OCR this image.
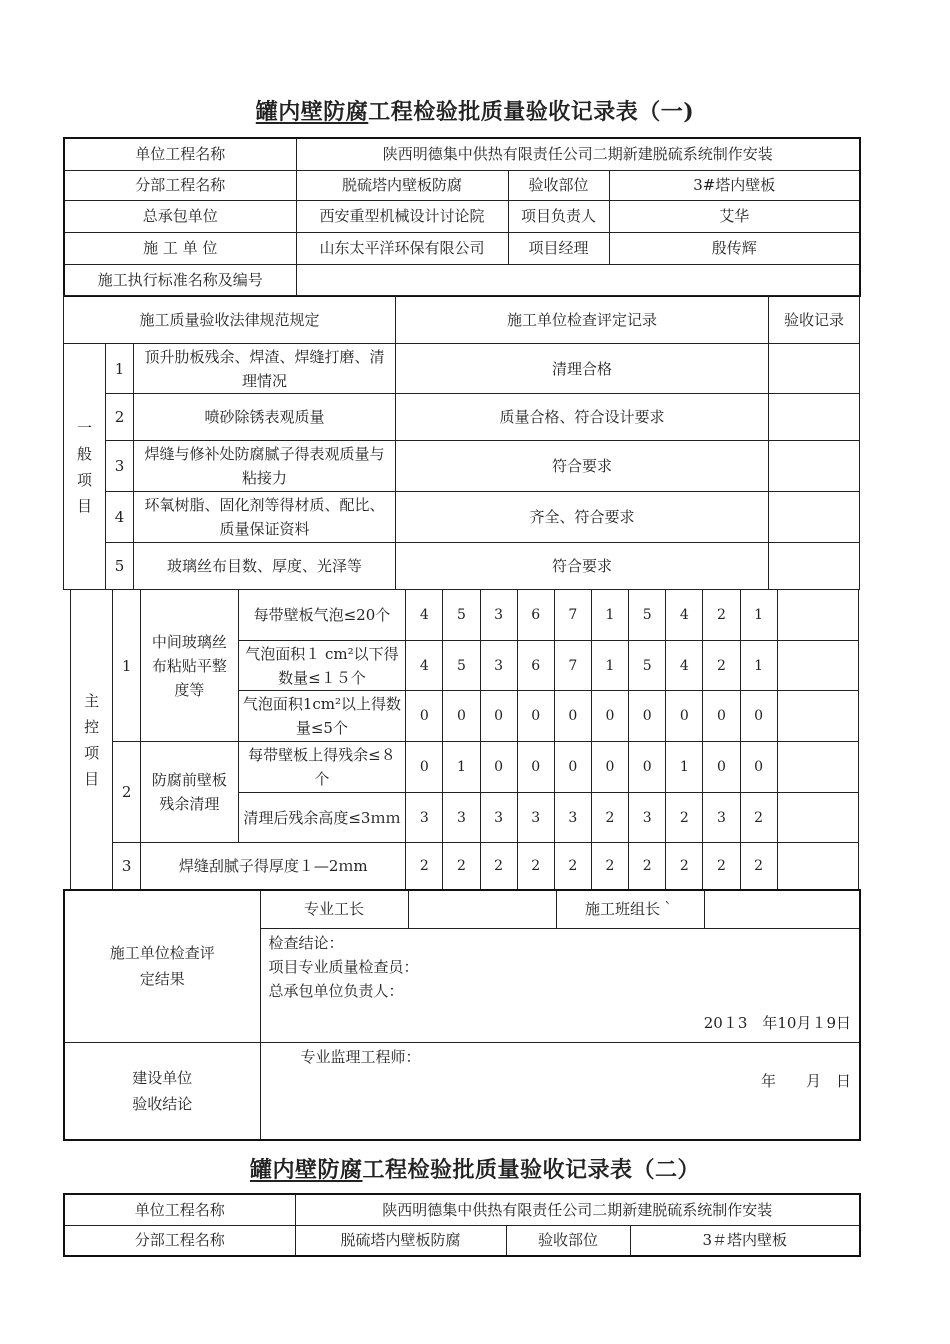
罐内壁防腐工程检验批质量验收记录表（一)
单位工程名称	陕西明德集中供热有限责任公司二期新建脱硫系统制作安装		
分部工程名称	脱硫塔内壁板防腐	验收部位	3#塔内壁板
总承包单位	西安重型机械设计讨论院	项目负责人	艾华
施 工 单 位	山东太平洋环保有限公司	项目经理	殷传辉
施工执行标准名称及编号			
施工质量验收法律规范规定			施工单位检查评定记录	验收记录
一般项目	1	顶升肋板残余、焊渣、焊缝打磨、清理情况	清理合格	
	2	喷砂除锈表观质量	质量合格、符合设计要求	
	3	焊缝与修补处防腐腻子得表观质量与粘接力	符合要求	
	4	环氧树脂、固化剂等得材质、配比、质量保证资料	齐全、符合要求	
	5	玻璃丝布目数、厚度、光泽等	符合要求	
主控项目	1	中间玻璃丝布粘贴平整度等	每带壁板气泡≤20个	4	5	3	6	7	1	5	4	2	1	
			气泡面积１ cm²以下得数量≤１５个	4	5	3	6	7	1	5	4	2	1	
			气泡面积1cm²以上得数量≤5个	0	0	0	0	0	0	0	0	0	0	
	2	防腐前壁板残余清理	每带壁板上得残余≤８个	0	1	0	0	0	0	0	1	0	0	
			清理后残余高度≤3ｍｍ	3	3	3	3	3	2	3	2	3	2	
	3	焊缝刮腻子得厚度１—2ｍm		2	2	2	2	2	2	2	2	2	2	
施工单位检查评定结果	专业工长		施工班组长｀	

	检查结论：
项目专业质量检查员：
总承包单位负责人：
20１3　年10月１9日			

建设单位验收结论	专业监理工程师：
年　　月　日			
罐内壁防腐工程检验批质量验收记录表（二）
单位工程名称	陕西明德集中供热有限责任公司二期新建脱硫系统制作安装		
分部工程名称	脱硫塔内壁板防腐	验收部位	3＃塔内壁板
